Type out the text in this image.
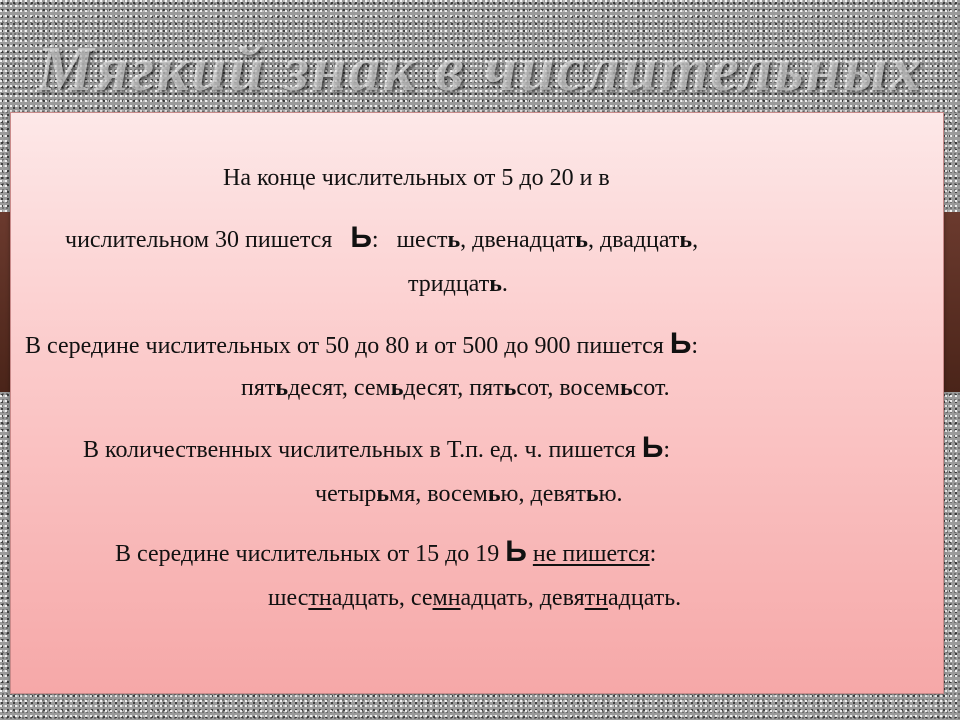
Мягкий знак в числительных
На конце числительных от 5 до 20 и в
числительном 30 пишется Ь: шесть, двенадцать, двадцать,
тридцать.
В середине числительных от 50 до 80 и от 500 до 900 пишется Ь:
пятьдесят, семьдесят, пятьсот, восемьсот.
В количественных числительных в Т.п. ед. ч. пишется Ь:
четырьмя, восемью, девятью.
В середине числительных от 15 до 19 Ь не пишется:
шестнадцать, семнадцать, девятнадцать.
